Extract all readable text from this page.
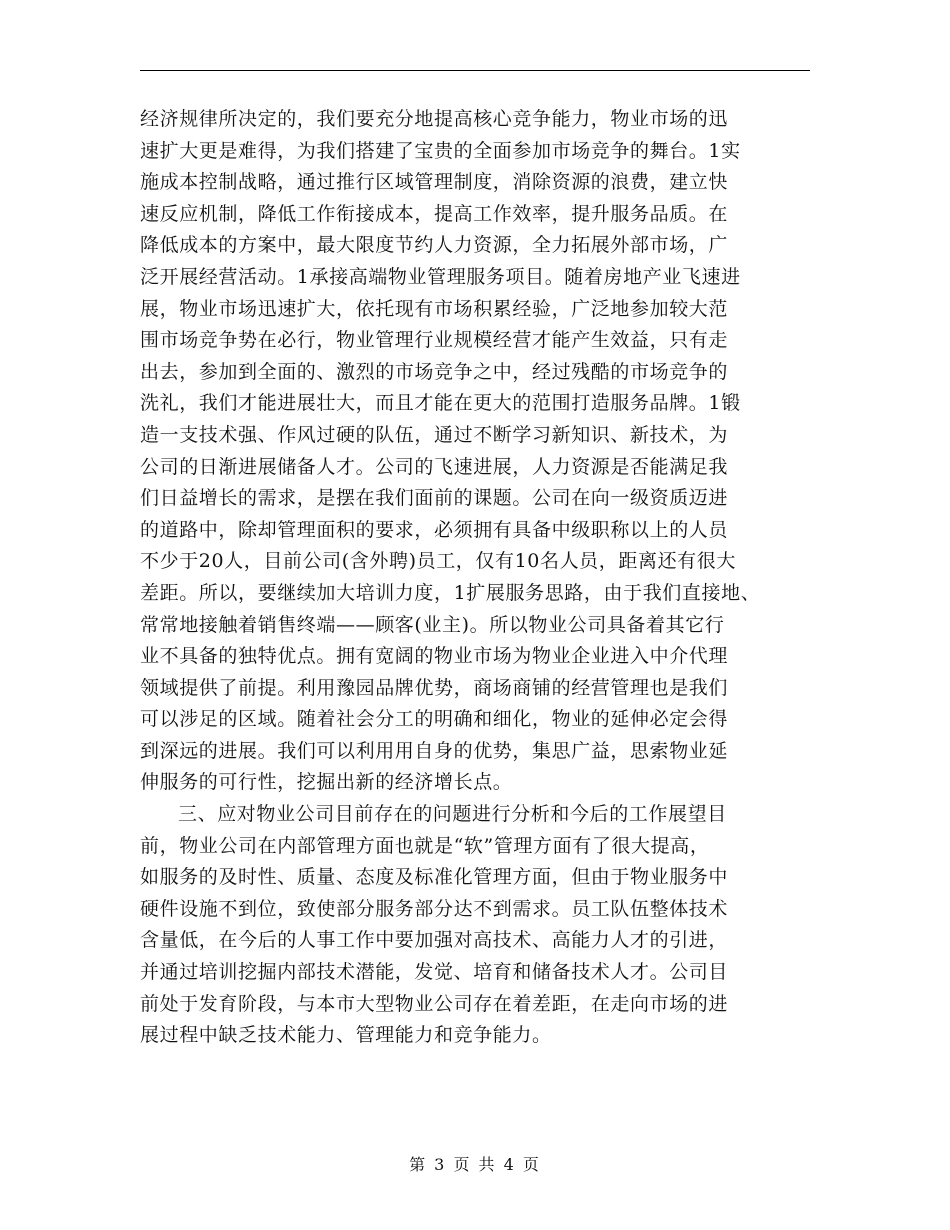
经济规律所决定的，我们要充分地提高核心竞争能力，物业市场的迅
速扩大更是难得，为我们搭建了宝贵的全面参加市场竞争的舞台。1实
施成本控制战略，通过推行区域管理制度，消除资源的浪费，建立快
速反应机制，降低工作衔接成本，提高工作效率，提升服务品质。在
降低成本的方案中，最大限度节约人力资源，全力拓展外部市场，广
泛开展经营活动。1承接高端物业管理服务项目。随着房地产业飞速进
展，物业市场迅速扩大，依托现有市场积累经验，广泛地参加较大范
围市场竞争势在必行，物业管理行业规模经营才能产生效益，只有走
出去，参加到全面的、激烈的市场竞争之中，经过残酷的市场竞争的
洗礼，我们才能进展壮大，而且才能在更大的范围打造服务品牌。1锻
造一支技术强、作风过硬的队伍，通过不断学习新知识、新技术，为
公司的日渐进展储备人才。公司的飞速进展，人力资源是否能满足我
们日益增长的需求，是摆在我们面前的课题。公司在向一级资质迈进
的道路中，除却管理面积的要求，必须拥有具备中级职称以上的人员
不少于20人，目前公司(含外聘)员工，仅有10名人员，距离还有很大
差距。所以，要继续加大培训力度，1扩展服务思路，由于我们直接地、
常常地接触着销售终端——顾客(业主)。所以物业公司具备着其它行
业不具备的独特优点。拥有宽阔的物业市场为物业企业进入中介代理
领域提供了前提。利用豫园品牌优势，商场商铺的经营管理也是我们
可以涉足的区域。随着社会分工的明确和细化，物业的延伸必定会得
到深远的进展。我们可以利用用自身的优势，集思广益，思索物业延
伸服务的可行性，挖掘出新的经济增长点。
三、应对物业公司目前存在的问题进行分析和今后的工作展望目
前，物业公司在内部管理方面也就是“软”管理方面有了很大提高，
如服务的及时性、质量、态度及标准化管理方面，但由于物业服务中
硬件设施不到位，致使部分服务部分达不到需求。员工队伍整体技术
含量低，在今后的人事工作中要加强对高技术、高能力人才的引进，
并通过培训挖掘内部技术潜能，发觉、培育和储备技术人才。公司目
前处于发育阶段，与本市大型物业公司存在着差距，在走向市场的进
展过程中缺乏技术能力、管理能力和竞争能力。
第 3 页 共 4 页
